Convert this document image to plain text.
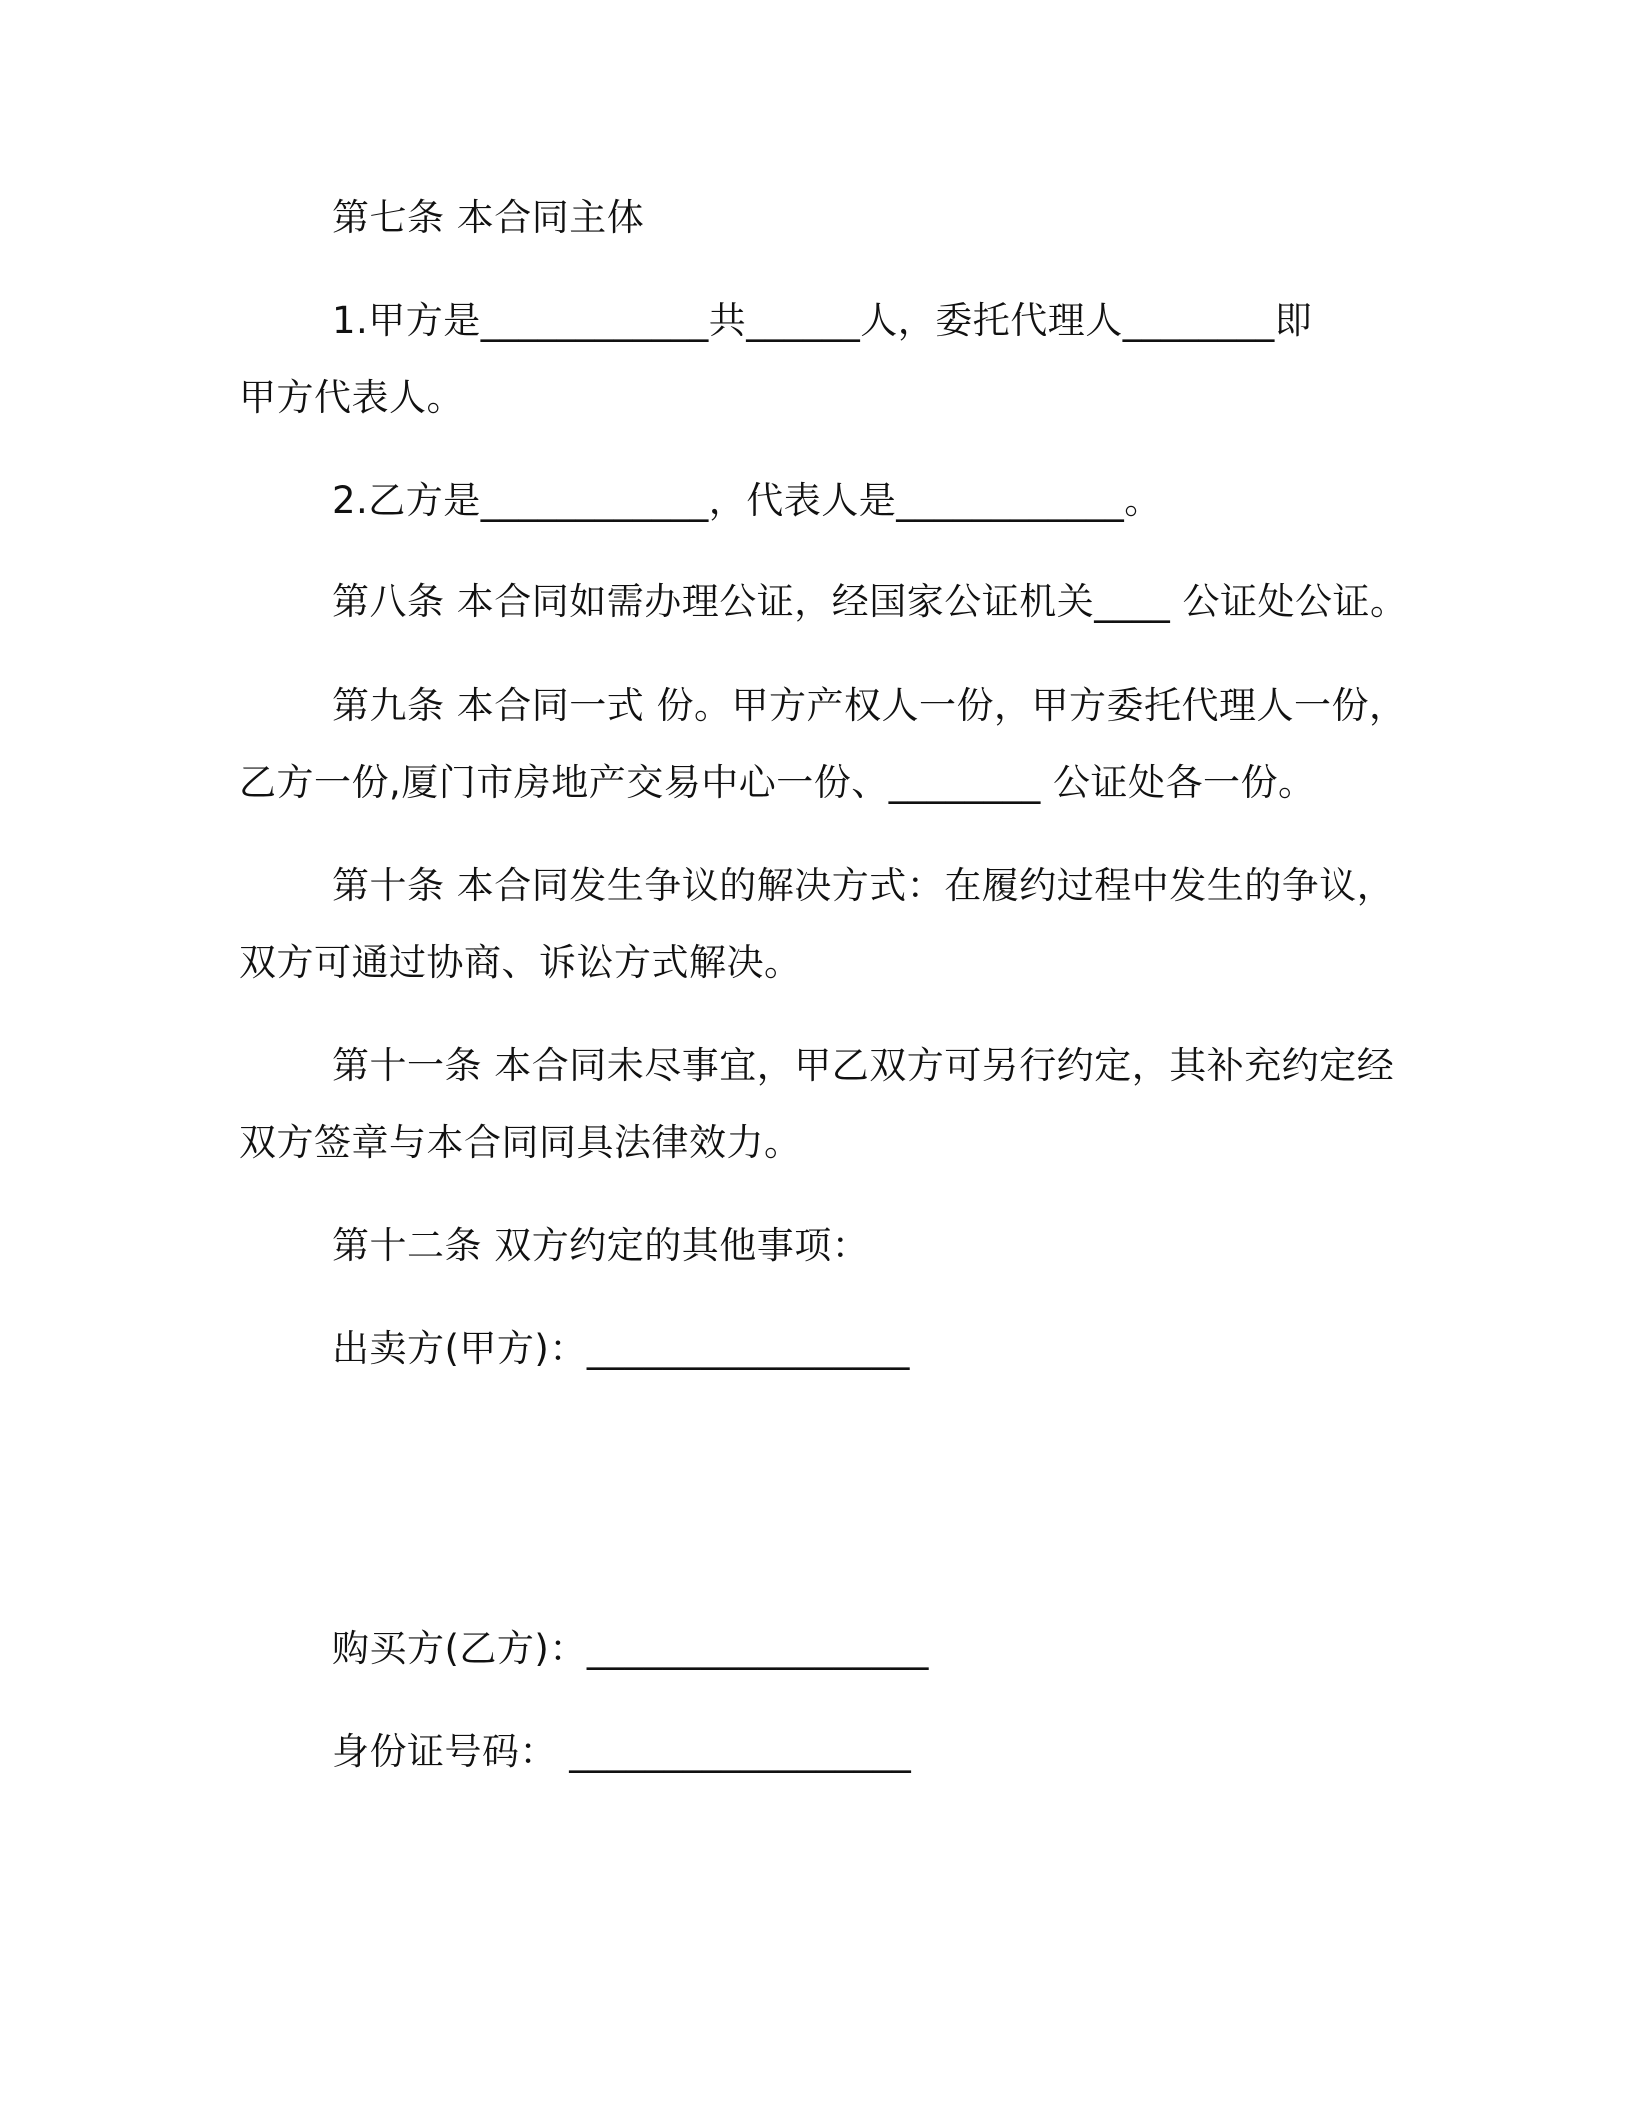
第七条 本合同主体
1.甲方是____________共______人，委托代理人________即
甲方代表人。
2.乙方是____________，代表人是____________。
第八条 本合同如需办理公证，经国家公证机关____ 公证处公证。
第九条 本合同一式 份。甲方产权人一份，甲方委托代理人一份，
乙方一份,厦门市房地产交易中心一份、________ 公证处各一份。
第十条 本合同发生争议的解决方式：在履约过程中发生的争议，
双方可通过协商、诉讼方式解决。
第十一条 本合同未尽事宜，甲乙双方可另行约定，其补充约定经
双方签章与本合同同具法律效力。
第十二条 双方约定的其他事项：
出卖方(甲方)：_________________
购买方(乙方)：__________________
身份证号码： __________________
